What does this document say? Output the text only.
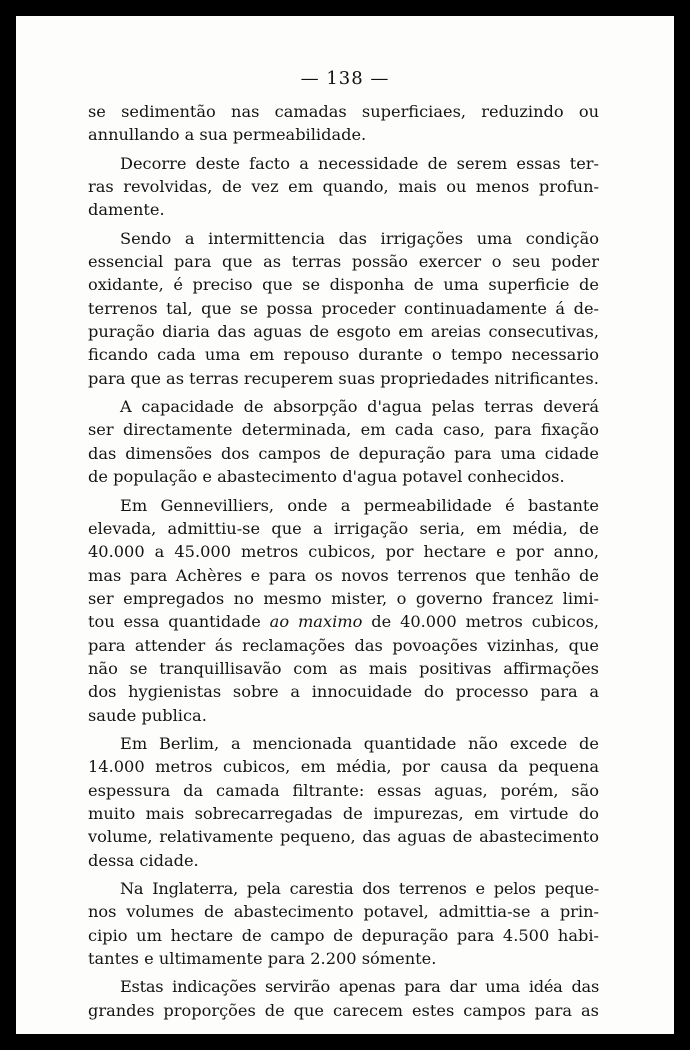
— 138 —

se sedimentão nas camadas superficiaes, reduzindo ou
annullando a sua permeabilidade.

Decorre deste facto a necessidade de serem essas ter-
ras revolvidas, de vez em quando, mais ou menos profun-
damente.

Sendo a intermittencia das irrigações uma condição
essencial para que as terras possão exercer o seu poder
oxidante, é preciso que se disponha de uma superficie de
terrenos tal, que se possa proceder continuadamente á de-
puração diaria das aguas de esgoto em areias consecutivas,
ficando cada uma em repouso durante o tempo necessario
para que as terras recuperem suas propriedades nitrificantes.

A capacidade de absorpção d'agua pelas terras deverá
ser directamente determinada, em cada caso, para fixação
das dimensões dos campos de depuração para uma cidade
de população e abastecimento d'agua potavel conhecidos.

Em Gennevilliers, onde a permeabilidade é bastante
elevada, admittiu-se que a irrigação seria, em média, de
40.000 a 45.000 metros cubicos, por hectare e por anno,
mas para Achères e para os novos terrenos que tenhão de
ser empregados no mesmo mister, o governo francez limi-
tou essa quantidade ao maximo de 40.000 metros cubicos,
para attender ás reclamações das povoações vizinhas, que
não se tranquillisavão com as mais positivas affirmações
dos hygienistas sobre a innocuidade do processo para a
saude publica.

Em Berlim, a mencionada quantidade não excede de
14.000 metros cubicos, em média, por causa da pequena
espessura da camada filtrante: essas aguas, porém, são
muito mais sobrecarregadas de impurezas, em virtude do
volume, relativamente pequeno, das aguas de abastecimento
dessa cidade.

Na Inglaterra, pela carestia dos terrenos e pelos peque-
nos volumes de abastecimento potavel, admittia-se a prin-
cipio um hectare de campo de depuração para 4.500 habi-
tantes e ultimamente para 2.200 sómente.

Estas indicações servirão apenas para dar uma idéa das
grandes proporções de que carecem estes campos para as
